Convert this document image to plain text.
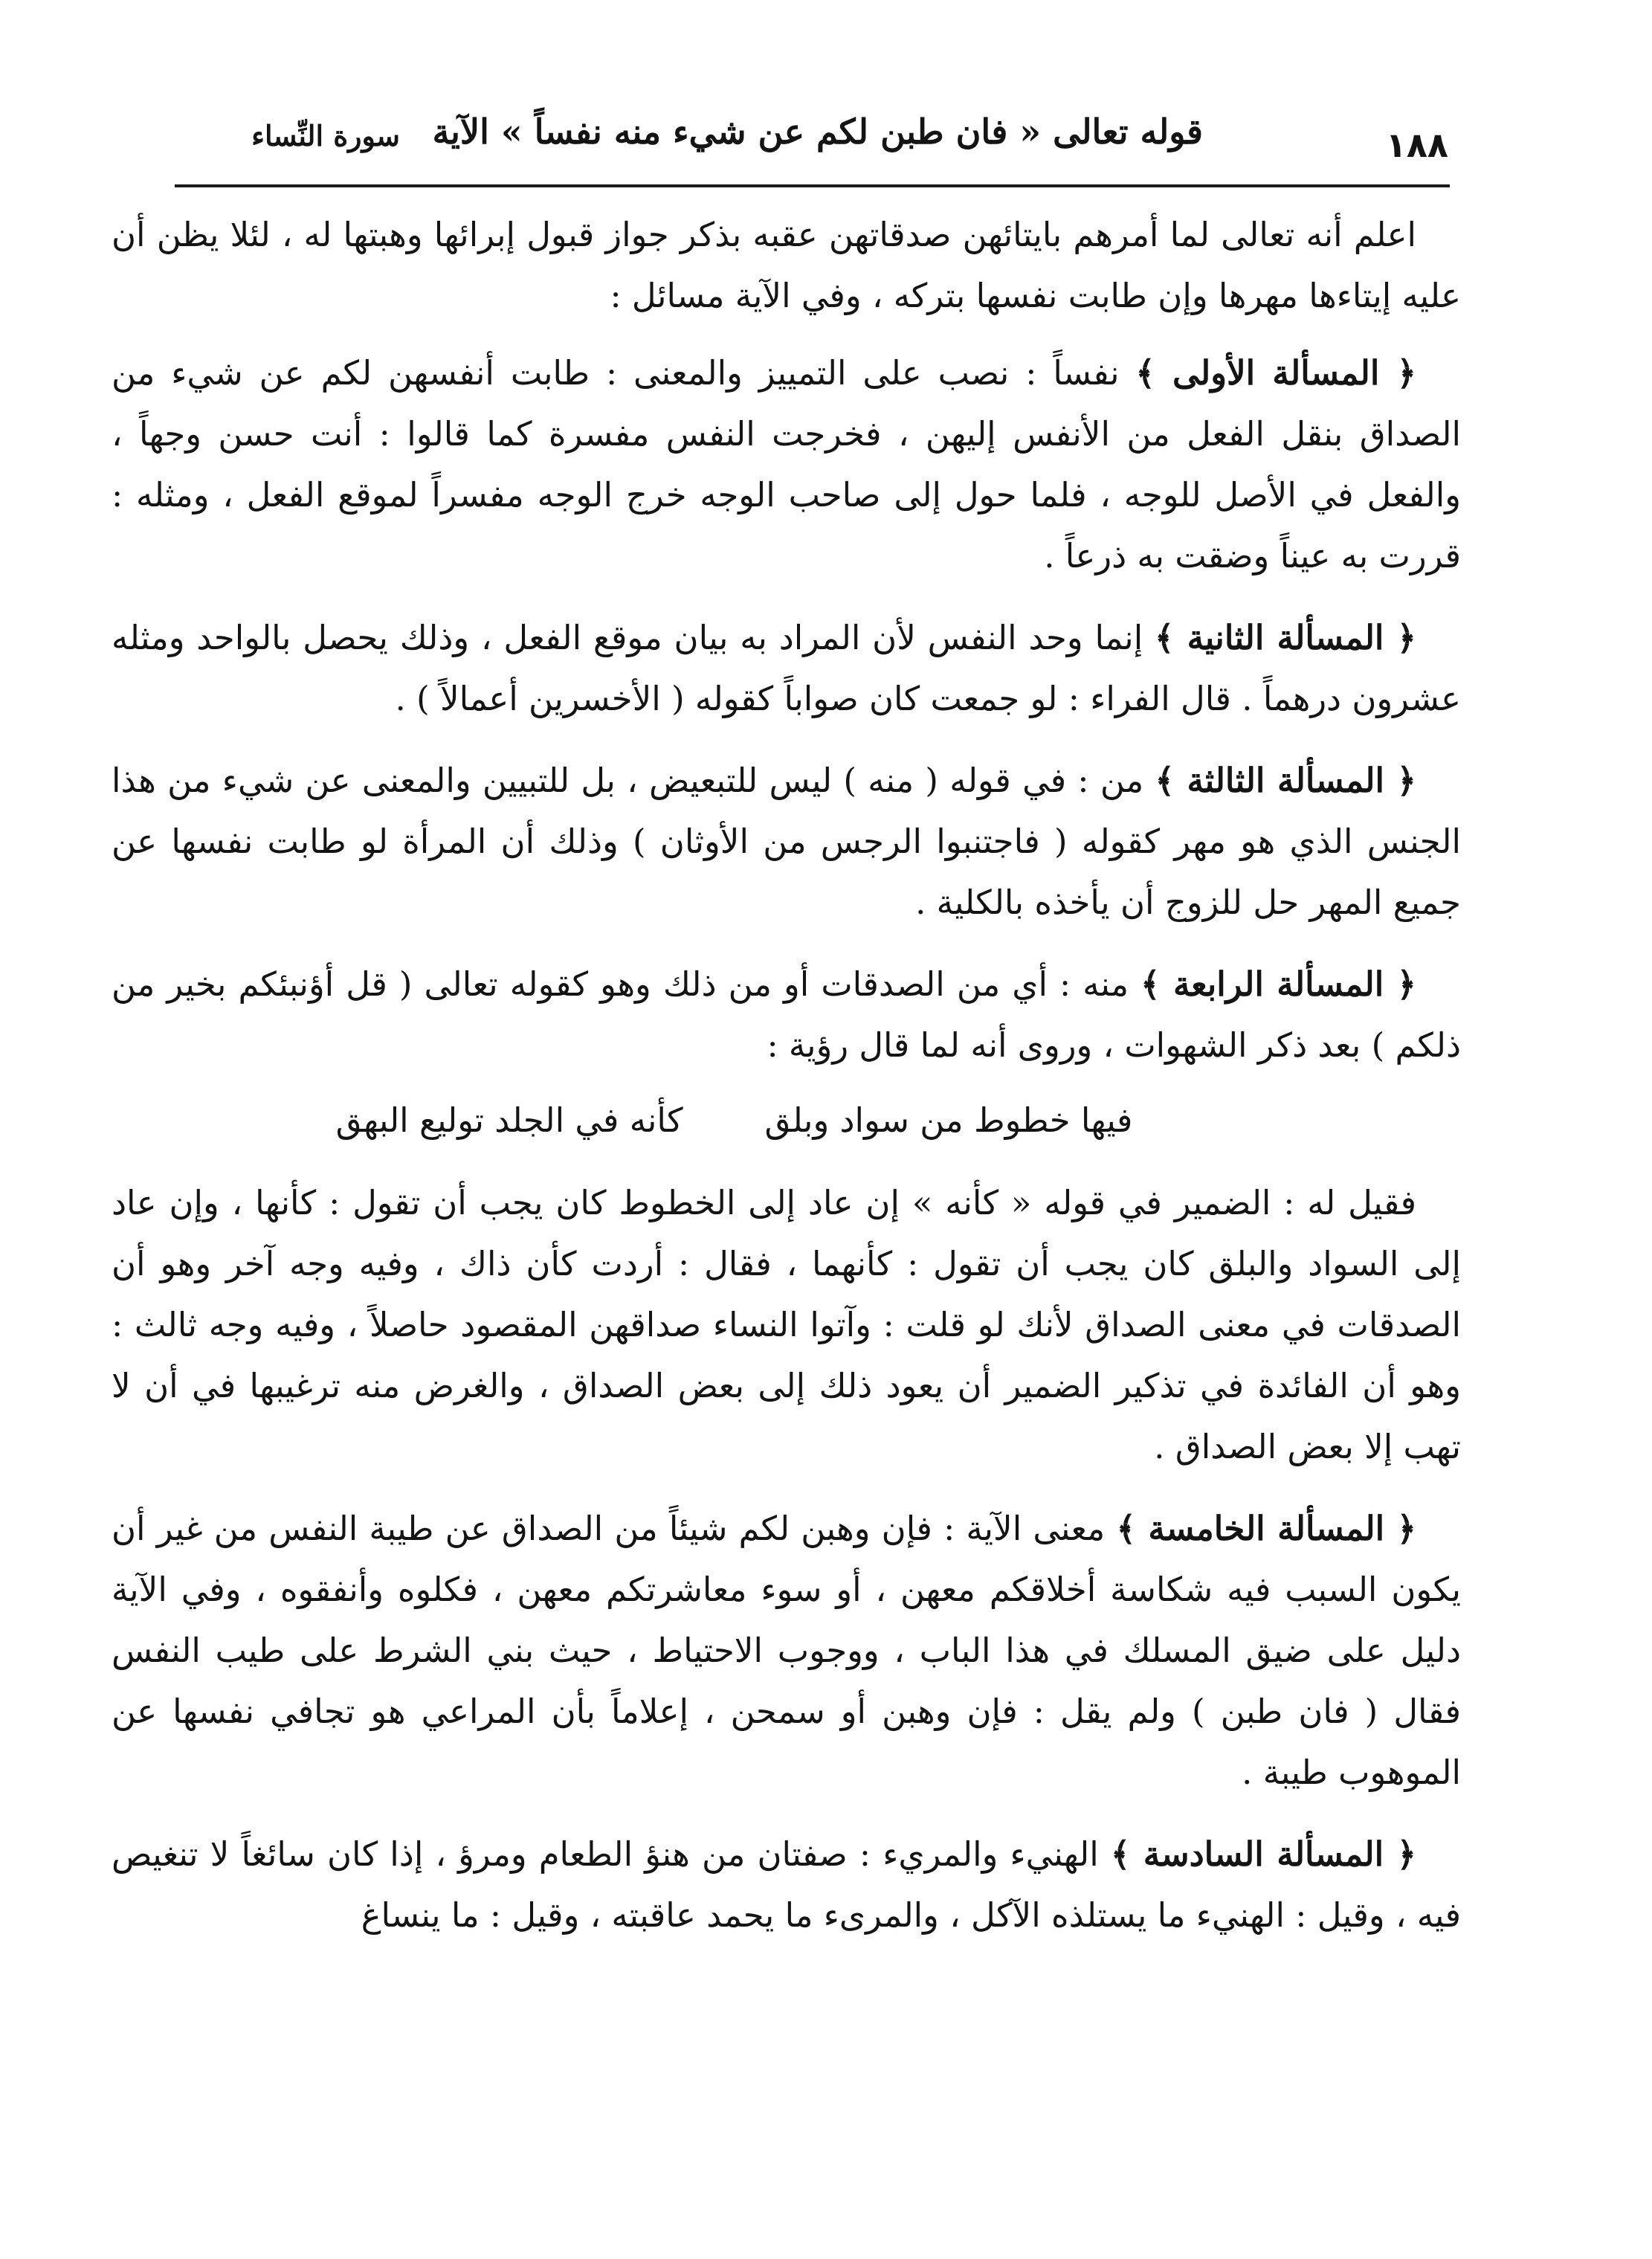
١٨٨
قوله تعالى « فان طبن لكم عن شيء منه نفساً » الآية
سورة النِّساء

اعلم أنه تعالى لما أمرهم بايتائهن صدقاتهن عقبه بذكر جواز قبول إبرائها وهبتها له ، لئلا يظن أن عليه إيتاءها مهرها وإن طابت نفسها بتركه ، وفي الآية مسائل :

﴿ المسألة الأولى ﴾ نفساً : نصب على التمييز والمعنى : طابت أنفسهن لكم عن شيء من الصداق بنقل الفعل من الأنفس إليهن ، فخرجت النفس مفسرة كما قالوا : أنت حسن وجهاً ، والفعل في الأصل للوجه ، فلما حول إلى صاحب الوجه خرج الوجه مفسراً لموقع الفعل ، ومثله : قررت به عيناً وضقت به ذرعاً .

﴿ المسألة الثانية ﴾ إنما وحد النفس لأن المراد به بيان موقع الفعل ، وذلك يحصل بالواحد ومثله عشرون درهماً . قال الفراء : لو جمعت كان صواباً كقوله ( الأخسرين أعمالاً ) .

﴿ المسألة الثالثة ﴾ من : في قوله ( منه ) ليس للتبعيض ، بل للتبيين والمعنى عن شيء من هذا الجنس الذي هو مهر كقوله ( فاجتنبوا الرجس من الأوثان ) وذلك أن المرأة لو طابت نفسها عن جميع المهر حل للزوج أن يأخذه بالكلية .

﴿ المسألة الرابعة ﴾ منه : أي من الصدقات أو من ذلك وهو كقوله تعالى ( قل أؤنبئكم بخير من ذلكم ) بعد ذكر الشهوات ، وروى أنه لما قال رؤية :

فيها خطوط من سواد وبلق
كأنه في الجلد توليع البهق

فقيل له : الضمير في قوله « كأنه » إن عاد إلى الخطوط كان يجب أن تقول : كأنها ، وإن عاد إلى السواد والبلق كان يجب أن تقول : كأنهما ، فقال : أردت كأن ذاك ، وفيه وجه آخر وهو أن الصدقات في معنى الصداق لأنك لو قلت : وآتوا النساء صداقهن المقصود حاصلاً ، وفيه وجه ثالث : وهو أن الفائدة في تذكير الضمير أن يعود ذلك إلى بعض الصداق ، والغرض منه ترغيبها في أن لا تهب إلا بعض الصداق .

﴿ المسألة الخامسة ﴾ معنى الآية : فإن وهبن لكم شيئاً من الصداق عن طيبة النفس من غير أن يكون السبب فيه شكاسة أخلاقكم معهن ، أو سوء معاشرتكم معهن ، فكلوه وأنفقوه ، وفي الآية دليل على ضيق المسلك في هذا الباب ، ووجوب الاحتياط ، حيث بني الشرط على طيب النفس فقال ( فان طبن ) ولم يقل : فإن وهبن أو سمحن ، إعلاماً بأن المراعي هو تجافي نفسها عن الموهوب طيبة .

﴿ المسألة السادسة ﴾ الهنيء والمريء : صفتان من هنؤ الطعام ومرؤ ، إذا كان سائغاً لا تنغيص فيه ، وقيل : الهنيء ما يستلذه الآكل ، والمرىء ما يحمد عاقبته ، وقيل : ما ينساغ
